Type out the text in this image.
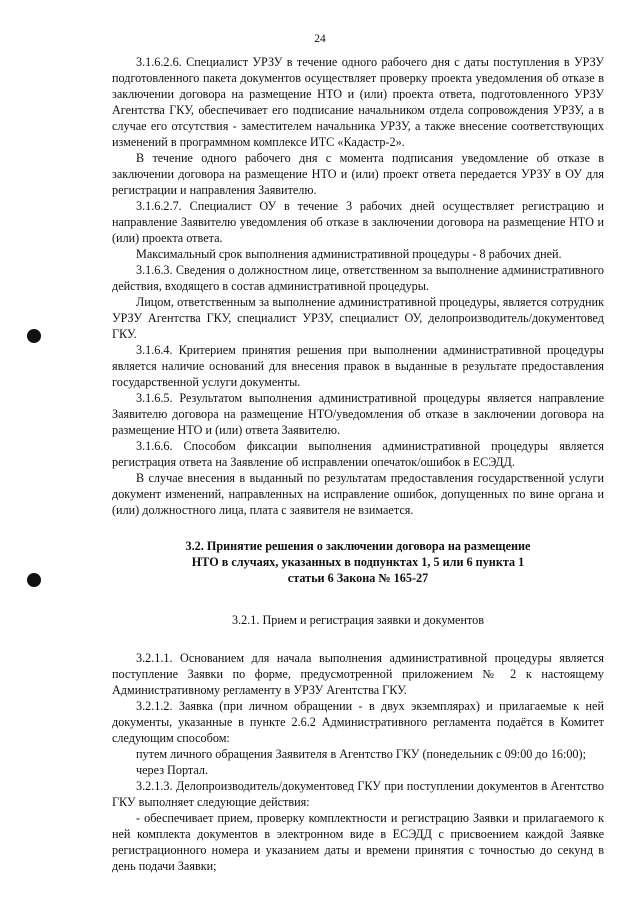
24

3.1.6.2.6. Специалист УРЗУ в течение одного рабочего дня с даты поступления в УРЗУ подготовленного пакета документов осуществляет проверку проекта уведомления об отказе в заключении договора на размещение НТО и (или) проекта ответа, подготовленного УРЗУ Агентства ГКУ, обеспечивает его подписание начальником отдела сопровождения УРЗУ, а в случае его отсутствия - заместителем начальника УРЗУ, а также внесение соответствующих изменений в программном комплексе ИТС «Кадастр-2».

В течение одного рабочего дня с момента подписания уведомление об отказе в заключении договора на размещение НТО и (или) проект ответа передается УРЗУ в ОУ для регистрации и направления Заявителю.

3.1.6.2.7. Специалист ОУ в течение 3 рабочих дней осуществляет регистрацию и направление Заявителю уведомления об отказе в заключении договора на размещение НТО и (или) проекта ответа.

Максимальный срок выполнения административной процедуры - 8 рабочих дней.

3.1.6.3. Сведения о должностном лице, ответственном за выполнение административного действия, входящего в состав административной процедуры.

Лицом, ответственным за выполнение административной процедуры, является сотрудник УРЗУ Агентства ГКУ, специалист УРЗУ, специалист ОУ, делопроизводитель/документовед ГКУ.

3.1.6.4. Критерием принятия решения при выполнении административной процедуры является наличие оснований для внесения правок в выданные в результате предоставления государственной услуги документы.

3.1.6.5. Результатом выполнения административной процедуры является направление Заявителю договора на размещение НТО/уведомления об отказе в заключении договора на размещение НТО и (или) ответа Заявителю.

3.1.6.6. Способом фиксации выполнения административной процедуры является регистрация ответа на Заявление об исправлении опечаток/ошибок в ЕСЭДД.

В случае внесения в выданный по результатам предоставления государственной услуги документ изменений, направленных на исправление ошибок, допущенных по вине органа и (или) должностного лица, плата с заявителя не взимается.

3.2. Принятие решения о заключении договора на размещение
НТО в случаях, указанных в подпунктах 1, 5 или 6 пункта 1
статьи 6 Закона № 165-27
3.2.1. Прием и регистрация заявки и документов

3.2.1.1. Основанием для начала выполнения административной процедуры является поступление Заявки по форме, предусмотренной приложением № 2 к настоящему Административному регламенту в УРЗУ Агентства ГКУ.

3.2.1.2. Заявка (при личном обращении - в двух экземплярах) и прилагаемые к ней документы, указанные в пункте 2.6.2 Административного регламента подаётся в Комитет следующим способом:

путем личного обращения Заявителя в Агентство ГКУ (понедельник с 09:00 до 16:00);

через Портал.

3.2.1.3. Делопроизводитель/документовед ГКУ при поступлении документов в Агентство ГКУ выполняет следующие действия:

- обеспечивает прием, проверку комплектности и регистрацию Заявки и прилагаемого к ней комплекта документов в электронном виде в ЕСЭДД с присвоением каждой Заявке регистрационного номера и указанием даты и времени принятия с точностью до секунд в день подачи Заявки;
